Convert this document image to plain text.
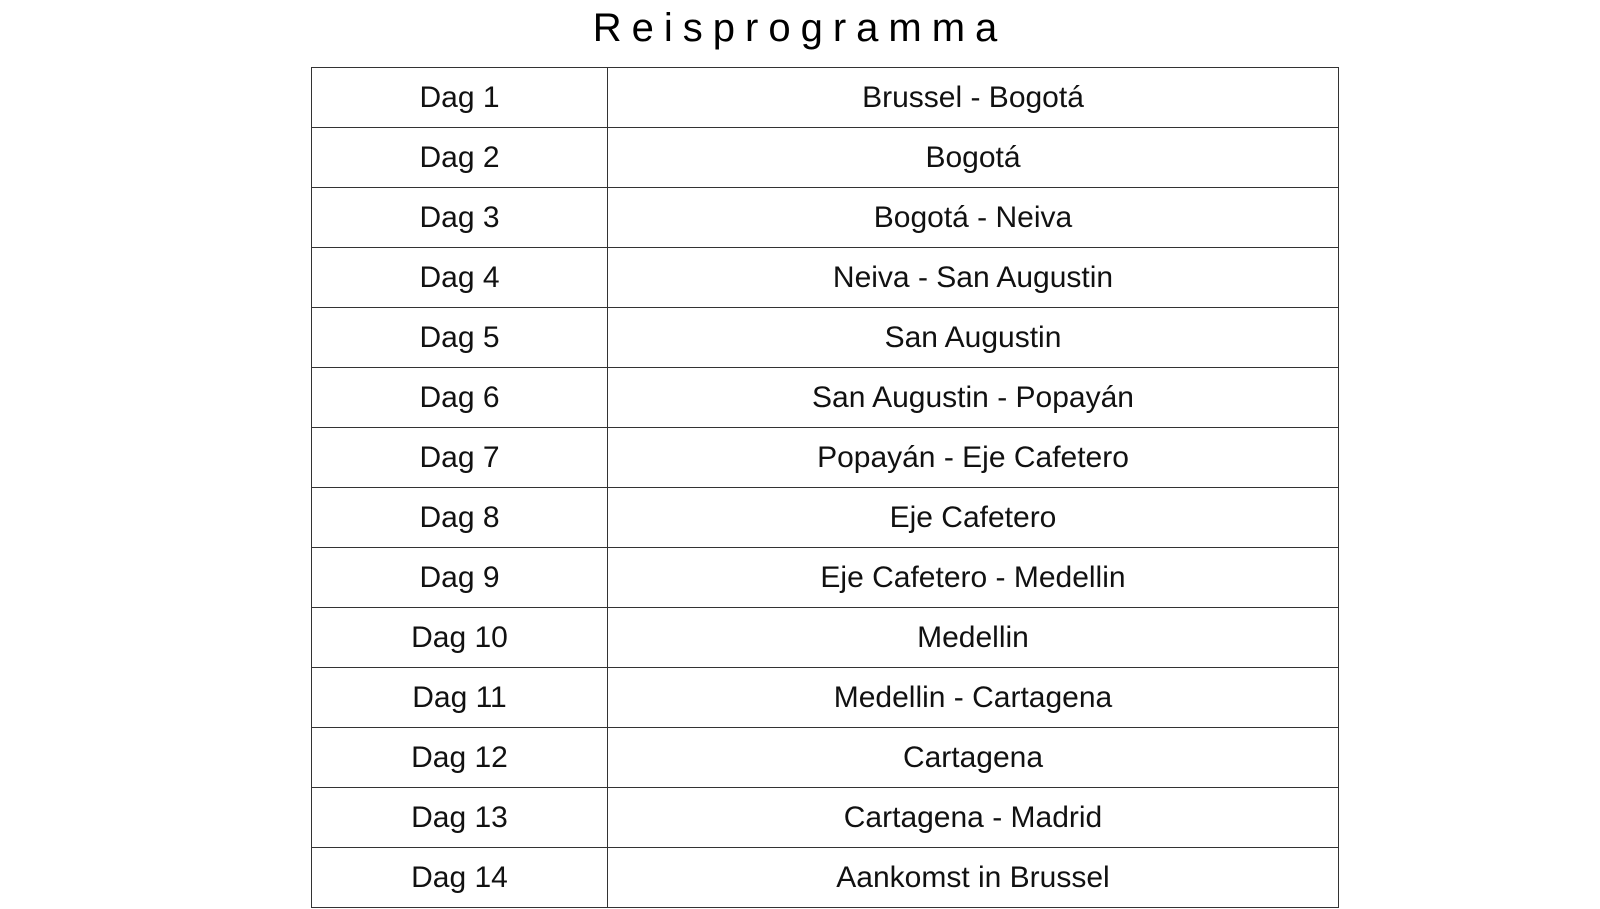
Reisprogramma
Dag 1	Brussel - Bogotá
Dag 2	Bogotá
Dag 3	Bogotá - Neiva
Dag 4	Neiva - San Augustin
Dag 5	San Augustin
Dag 6	San Augustin - Popayán
Dag 7	Popayán - Eje Cafetero
Dag 8	Eje Cafetero
Dag 9	Eje Cafetero - Medellin
Dag 10	Medellin
Dag 11	Medellin - Cartagena
Dag 12	Cartagena
Dag 13	Cartagena - Madrid
Dag 14	Aankomst in Brussel
